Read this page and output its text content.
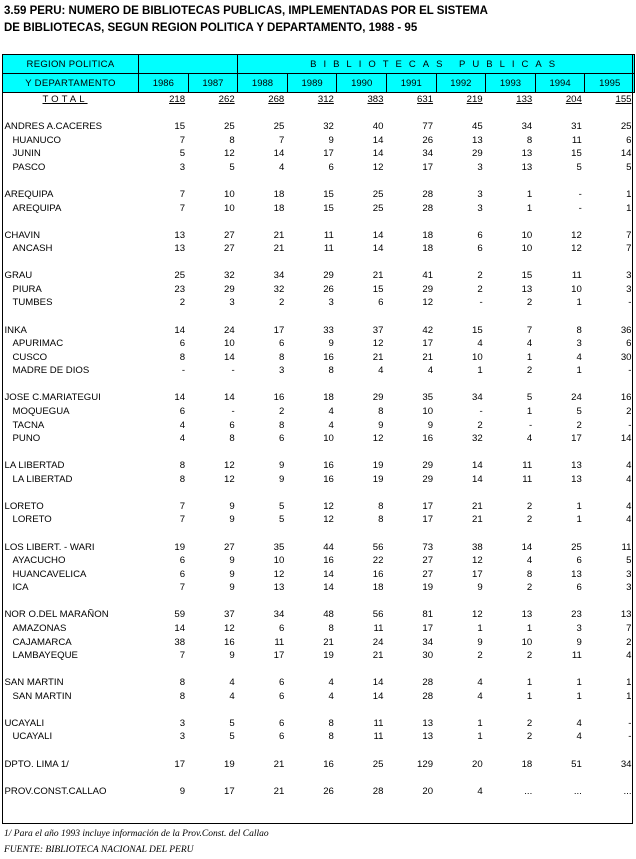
3.59 PERU: NUMERO DE BIBLIOTECAS PUBLICAS, IMPLEMENTADAS POR EL SISTEMA
DE BIBLIOTECAS, SEGUN REGION POLITICA Y DEPARTAMENTO, 1988 - 95
REGION POLITICA			BIBLIOTECAS PUBLICAS							
Y DEPARTAMENTO	1986	1987	1988	1989	1990	1991	1992	1993	1994	1995
TOTAL	218	262	268	312	383	631	219	133	204	155

ANDRES A.CACERES	15	25	25	32	40	77	45	34	31	25
HUANUCO	7	8	7	9	14	26	13	8	11	6
JUNIN	5	12	14	17	14	34	29	13	15	14
PASCO	3	5	4	6	12	17	3	13	5	5

AREQUIPA	7	10	18	15	25	28	3	1	-	1
AREQUIPA	7	10	18	15	25	28	3	1	-	1

CHAVIN	13	27	21	11	14	18	6	10	12	7
ANCASH	13	27	21	11	14	18	6	10	12	7

GRAU	25	32	34	29	21	41	2	15	11	3
PIURA	23	29	32	26	15	29	2	13	10	3
TUMBES	2	3	2	3	6	12	-	2	1	-

INKA	14	24	17	33	37	42	15	7	8	36
APURIMAC	6	10	6	9	12	17	4	4	3	6
CUSCO	8	14	8	16	21	21	10	1	4	30
MADRE DE DIOS	-	-	3	8	4	4	1	2	1	-

JOSE C.MARIATEGUI	14	14	16	18	29	35	34	5	24	16
MOQUEGUA	6	-	2	4	8	10	-	1	5	2
TACNA	4	6	8	4	9	9	2	-	2	-
PUNO	4	8	6	10	12	16	32	4	17	14

LA LIBERTAD	8	12	9	16	19	29	14	11	13	4
LA LIBERTAD	8	12	9	16	19	29	14	11	13	4

LORETO	7	9	5	12	8	17	21	2	1	4
LORETO	7	9	5	12	8	17	21	2	1	4

LOS LIBERT. - WARI	19	27	35	44	56	73	38	14	25	11
AYACUCHO	6	9	10	16	22	27	12	4	6	5
HUANCAVELICA	6	9	12	14	16	27	17	8	13	3
ICA	7	9	13	14	18	19	9	2	6	3

NOR O.DEL MARAÑON	59	37	34	48	56	81	12	13	23	13
AMAZONAS	14	12	6	8	11	17	1	1	3	7
CAJAMARCA	38	16	11	21	24	34	9	10	9	2
LAMBAYEQUE	7	9	17	19	21	30	2	2	11	4

SAN MARTIN	8	4	6	4	14	28	4	1	1	1
SAN MARTIN	8	4	6	4	14	28	4	1	1	1

UCAYALI	3	5	6	8	11	13	1	2	4	-
UCAYALI	3	5	6	8	11	13	1	2	4	-

DPTO. LIMA 1/	17	19	21	16	25	129	20	18	51	34

PROV.CONST.CALLAO	9	17	21	26	28	20	4	...	...	...
1/ Para el año 1993 incluye información de la Prov.Const. del Callao
FUENTE: BIBLIOTECA NACIONAL DEL PERU
